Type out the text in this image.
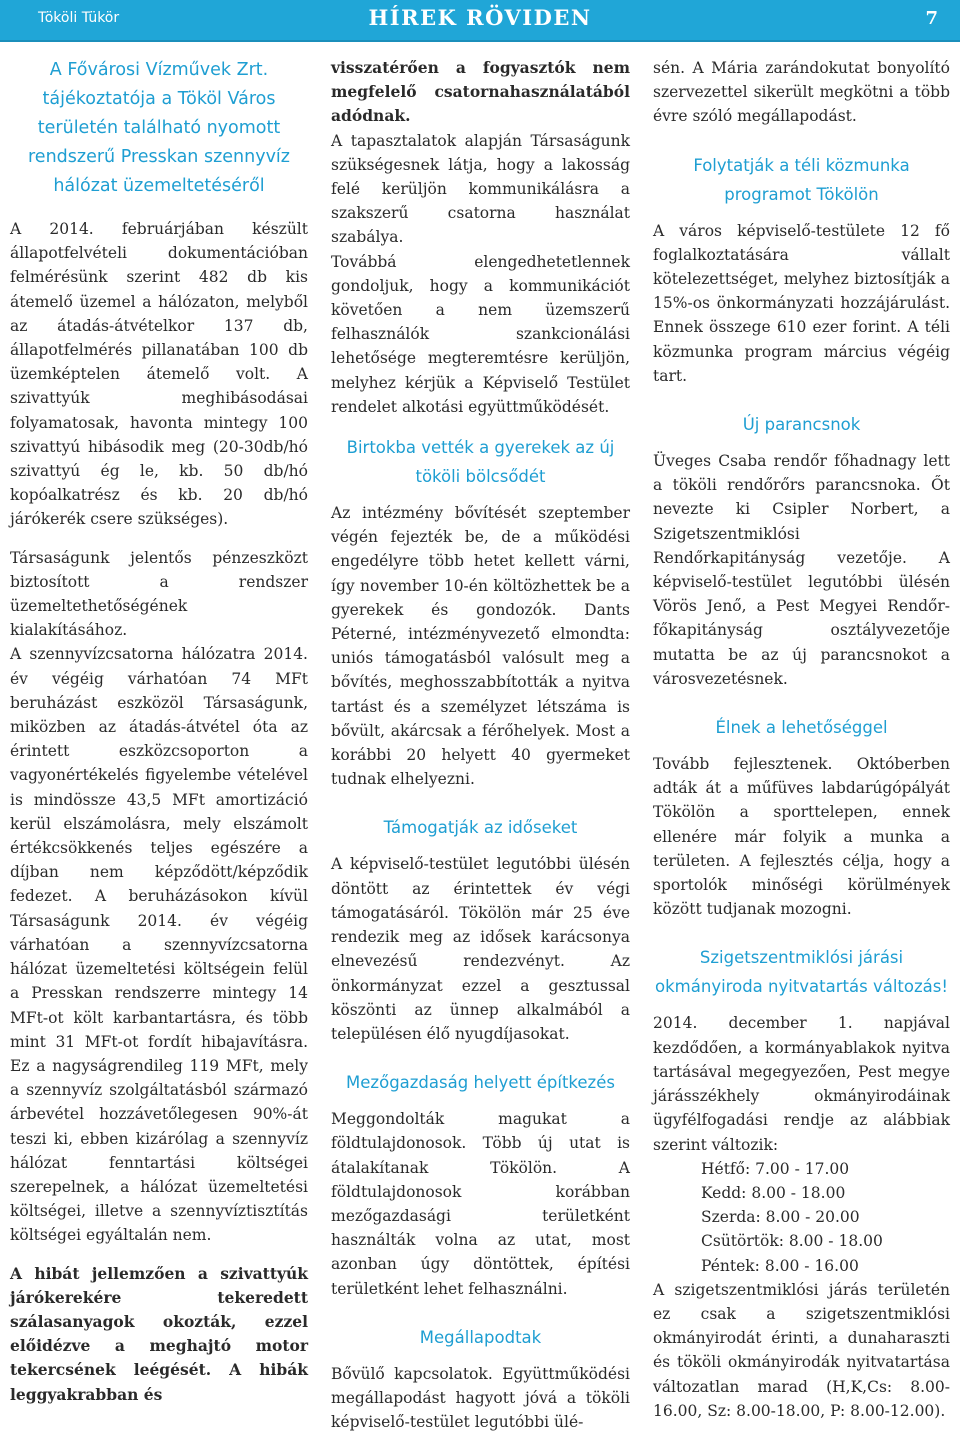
Tököli Tükör	HÍREK RÖVIDEN	7
A Fővárosi Vízművek Zrt. tájékoztatója a Tököl Város területén található nyomott rendszerű Presskan szennyvíz hálózat üzemeltetéséről

A 2014. februárjában készült állapotfelvételi dokumentációban felmérésünk szerint 482 db kis átemelő üzemel a hálózaton, melyből az átadás-átvételkor 137 db, állapotfelmérés pillanatában 100 db üzemképtelen átemelő volt. A szivattyúk meghibásodásai folyamatosak, havonta mintegy 100 szivattyú hibásodik meg (20-30db/hó szivattyú ég le, kb. 50 db/hó kopóalkatrész és kb. 20 db/hó járókerék csere szükséges).

Társaságunk jelentős pénzeszközt biztosított a rendszer üzemeltethetőségének kialakításához.

A szennyvízcsatorna hálózatra 2014. év végéig várhatóan 74 MFt beruházást eszközöl Társaságunk, miközben az átadás-átvétel óta az érintett eszközcsoporton a vagyonértékelés figyelembe vételével is mindössze 43,5 MFt amortizáció kerül elszámolásra, mely elszámolt értékcsökkenés teljes egészére a díjban nem képződött/képződik fedezet. A beruházásokon kívül Társaságunk 2014. év végéig várhatóan a szennyvízcsatorna hálózat üzemeltetési költségein felül a Presskan rendszerre mintegy 14 MFt-ot költ karbantartásra, és több mint 31 MFt-ot fordít hibajavításra. Ez a nagyságrendileg 119 MFt, mely a szennyvíz szolgáltatásból származó árbevétel hozzávetőlegesen 90%-át teszi ki, ebben kizárólag a szennyvíz hálózat fenntartási költségei szerepelnek, a hálózat üzemeltetési költségei, illetve a szennyvíztisztítás költségei egyáltalán nem.

A hibát jellemzően a szivattyúk járókerekére tekeredett szálasanyagok okozták, ezzel előidézve a meghajtó motor tekercsének leégését. A hibák leggyakrabban és

visszatérően a fogyasztók nem megfelelő csatornahasználatából adódnak.

A tapasztalatok alapján Társaságunk szükségesnek látja, hogy a lakosság felé kerüljön kommunikálásra a szakszerű csatorna használat szabálya.

Továbbá elengedhetetlennek gondoljuk, hogy a kommunikációt követően a nem üzemszerű felhasználók szankcionálási lehetősége megteremtésre kerüljön, melyhez kérjük a Képviselő Testület rendelet alkotási együttműködését.

Birtokba vették a gyerekek az új tököli bölcsődét

Az intézmény bővítését szeptember végén fejezték be, de a működési engedélyre több hetet kellett várni, így november 10-én költözhettek be a gyerekek és gondozók. Dants Péterné, intézményvezető elmondta: uniós támogatásból valósult meg a bővítés, meghosszabbították a nyitva tartást és a személyzet létszáma is bővült, akárcsak a férőhelyek. Most a korábbi 20 helyett 40 gyermeket tudnak elhelyezni.

Támogatják az időseket

A képviselő-testület legutóbbi ülésén döntött az érintettek év végi támogatásáról. Tökölön már 25 éve rendezik meg az idősek karácsonya elnevezésű rendezvényt. Az önkormányzat ezzel a gesztussal köszönti az ünnep alkalmából a településen élő nyugdíjasokat.

Mezőgazdaság helyett építkezés

Meggondolták magukat a földtulajdonosok. Több új utat is átalakítanak Tökölön. A földtulajdonosok korábban mezőgazdasági területként használták volna az utat, most azonban úgy döntöttek, építési területként lehet felhasználni.

Megállapodtak

Bővülő kapcsolatok. Együttműködési megállapodást hagyott jóvá a tököli képviselő-testület legutóbbi ülé-

sén. A Mária zarándokutat bonyolító szervezettel sikerült megkötni a több évre szóló megállapodást.

Folytatják a téli közmunka programot Tökölön

A város képviselő-testülete 12 fő foglalkoztatására vállalt kötelezettséget, melyhez biztosítják a 15%-os önkormányzati hozzájárulást. Ennek összege 610 ezer forint. A téli közmunka program március végéig tart.

Új parancsnok

Üveges Csaba rendőr főhadnagy lett a tököli rendőrőrs parancsnoka. Őt nevezte ki Csipler Norbert, a Szigetszentmiklósi Rendőrkapitányság vezetője. A képviselő-testület legutóbbi ülésén Vörös Jenő, a Pest Megyei Rendőr-főkapitányság osztályvezetője mutatta be az új parancsnokot a városvezetésnek.

Élnek a lehetőséggel

Tovább fejlesztenek. Októberben adták át a műfüves labdarúgópályát Tökölön a sporttelepen, ennek ellenére már folyik a munka a területen. A fejlesztés célja, hogy a sportolók minőségi körülmények között tudjanak mozogni.

Szigetszentmiklósi járási okmányiroda nyitvatartás változás!

2014. december 1. napjával kezdődően, a kormányablakok nyitva tartásával megegyezően, Pest megye járásszékhely okmányirodáinak ügyfélfogadási rendje az alábbiak szerint változik:

Hétfő: 7.00 - 17.00
Kedd: 8.00 - 18.00
Szerda: 8.00 - 20.00
Csütörtök: 8.00 - 18.00
Péntek: 8.00 - 16.00

A szigetszentmiklósi járás területén ez csak a szigetszentmiklósi okmányirodát érinti, a dunaharaszti és tököli okmányirodák nyitvatartása változatlan marad (H,K,Cs: 8.00-16.00, Sz: 8.00-18.00, P: 8.00-12.00).
